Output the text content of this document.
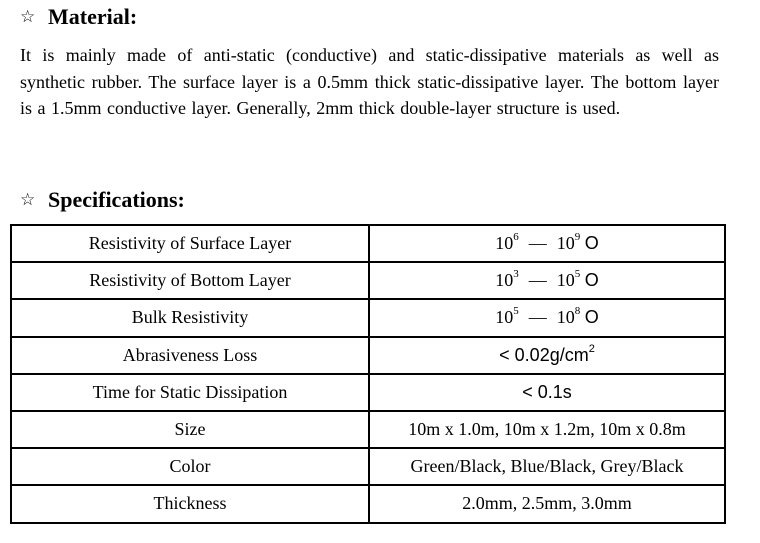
☆ Material:

It is mainly made of anti-static (conductive) and static-dissipative materials as well as synthetic rubber. The surface layer is a 0.5mm thick static-dissipative layer. The bottom layer is a 1.5mm conductive layer. Generally, 2mm thick double-layer structure is used.

☆ Specifications:
Resistivity of Surface Layer	$10^6$ — $10^9$ O
Resistivity of Bottom Layer	$10^3$ — $10^5$ O
Bulk Resistivity	$10^5$ — $10^8$ O
Abrasiveness Loss	< $0.02g/cm^2$
Time for Static Dissipation	< 0.1s
Size	10m x 1.0m, 10m x 1.2m, 10m x 0.8m
Color	Green/Black, Blue/Black, Grey/Black
Thickness	2.0mm, 2.5mm, 3.0mm
